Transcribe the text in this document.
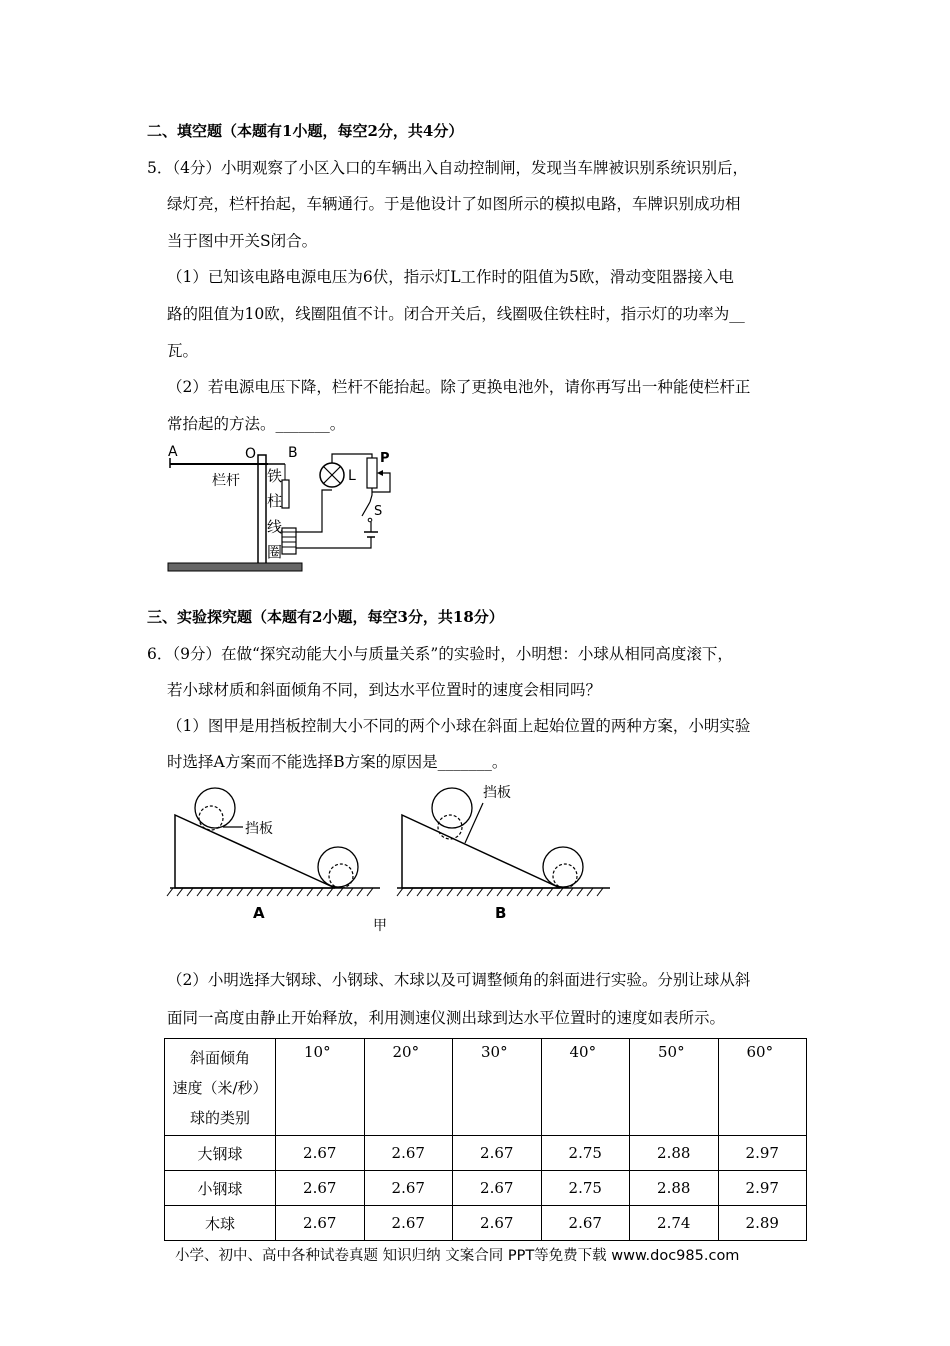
二、填空题（本题有1小题，每空2分，共4分）
5．（4分）小明观察了小区入口的车辆出入自动控制闸，发现当车牌被识别系统识别后，
绿灯亮，栏杆抬起，车辆通行。于是他设计了如图所示的模拟电路，车牌识别成功相
当于图中开关S闭合。
（1）已知该电路电源电压为6伏，指示灯L工作时的阻值为5欧，滑动变阻器接入电
路的阻值为10欧，线圈阻值不计。闭合开关后，线圈吸住铁柱时，指示灯的功率为__
瓦。
（2）若电源电压下降，栏杆不能抬起。除了更换电池外，请你再写出一种能使栏杆正
常抬起的方法。_______。
A	O B
栏杆 铁
柱
线
圈
L
P
S
三、实验探究题（本题有2小题，每空3分，共18分）
6．（9分）在做“探究动能大小与质量关系”的实验时，小明想：小球从相同高度滚下，
若小球材质和斜面倾角不同，到达水平位置时的速度会相同吗？
（1）图甲是用挡板控制大小不同的两个小球在斜面上起始位置的两种方案，小明实验
时选择A方案而不能选择B方案的原因是_______。
挡板
A
挡板
B
甲
（2）小明选择大钢球、小钢球、木球以及可调整倾角的斜面进行实验。分别让球从斜
面同一高度由静止开始释放，利用测速仪测出球到达水平位置时的速度如表所示。
斜面倾角
速度（米/秒）
球的类别	10°	20°	30°	40°	50°	60°
大钢球	2.67	2.67	2.67	2.75	2.88	2.97
小钢球	2.67	2.67	2.67	2.75	2.88	2.97
木球	2.67	2.67	2.67	2.67	2.74	2.89
小学、初中、高中各种试卷真题 知识归纳 文案合同 PPT等免费下载 www.doc985.com
